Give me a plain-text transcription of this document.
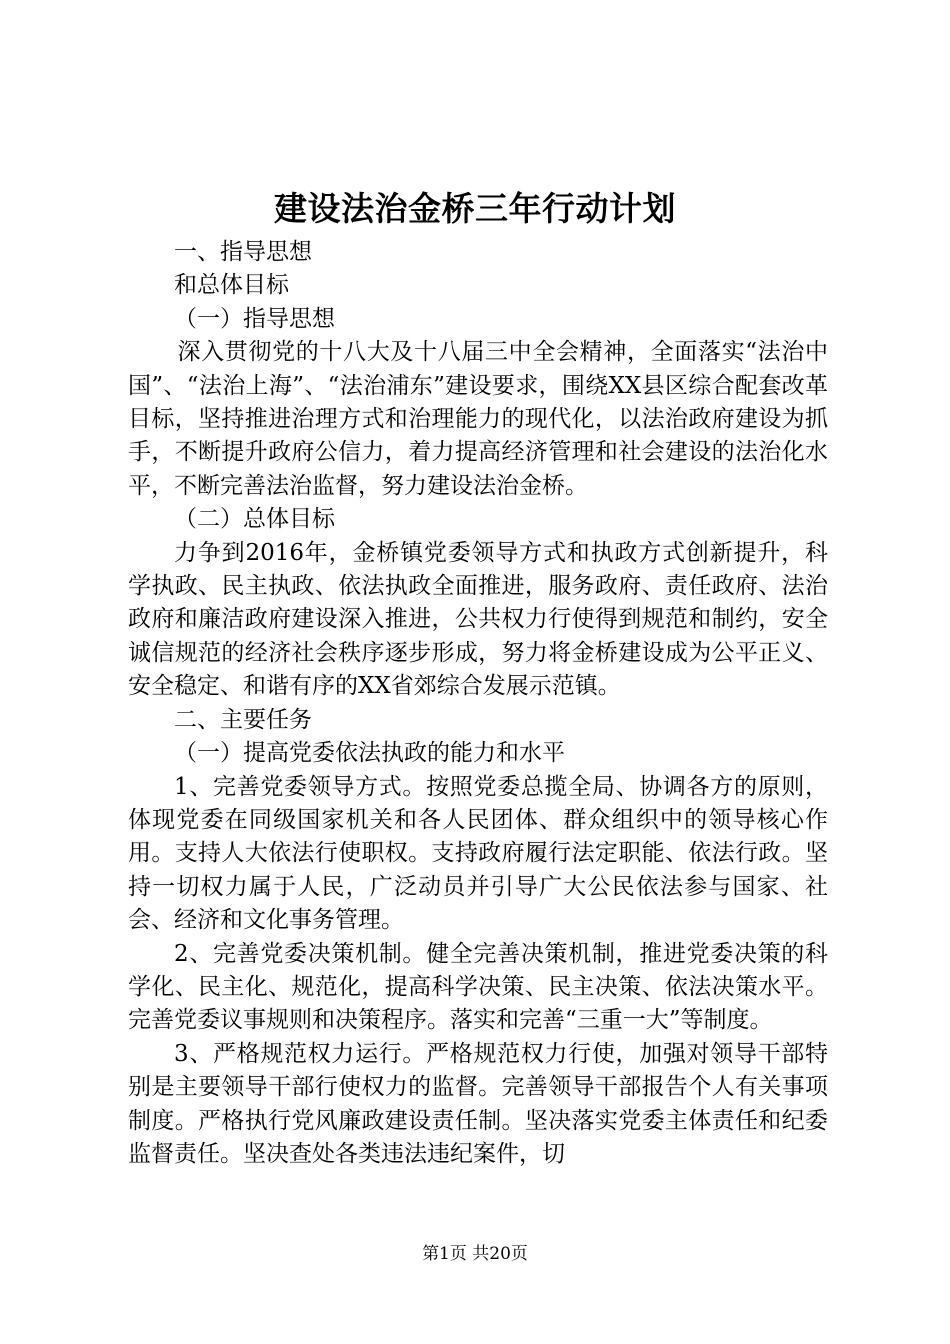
建设法治金桥三年行动计划

一、指导思想

和总体目标

（一）指导思想

深入贯彻党的十八大及十八届三中全会精神，全面落实“法治中国”、“法治上海”、“法治浦东”建设要求，围绕XX县区综合配套改革目标，坚持推进治理方式和治理能力的现代化，以法治政府建设为抓手，不断提升政府公信力，着力提高经济管理和社会建设的法治化水平，不断完善法治监督，努力建设法治金桥。

（二）总体目标

力争到2016年，金桥镇党委领导方式和执政方式创新提升，科学执政、民主执政、依法执政全面推进，服务政府、责任政府、法治政府和廉洁政府建设深入推进，公共权力行使得到规范和制约，安全诚信规范的经济社会秩序逐步形成，努力将金桥建设成为公平正义、安全稳定、和谐有序的XX省郊综合发展示范镇。

二、主要任务

（一）提高党委依法执政的能力和水平

1、完善党委领导方式。按照党委总揽全局、协调各方的原则，体现党委在同级国家机关和各人民团体、群众组织中的领导核心作用。支持人大依法行使职权。支持政府履行法定职能、依法行政。坚持一切权力属于人民，广泛动员并引导广大公民依法参与国家、社会、经济和文化事务管理。

2、完善党委决策机制。健全完善决策机制，推进党委决策的科学化、民主化、规范化，提高科学决策、民主决策、依法决策水平。完善党委议事规则和决策程序。落实和完善“三重一大”等制度。

3、严格规范权力运行。严格规范权力行使，加强对领导干部特别是主要领导干部行使权力的监督。完善领导干部报告个人有关事项制度。严格执行党风廉政建设责任制。坚决落实党委主体责任和纪委监督责任。坚决查处各类违法违纪案件，切

第1页 共20页
